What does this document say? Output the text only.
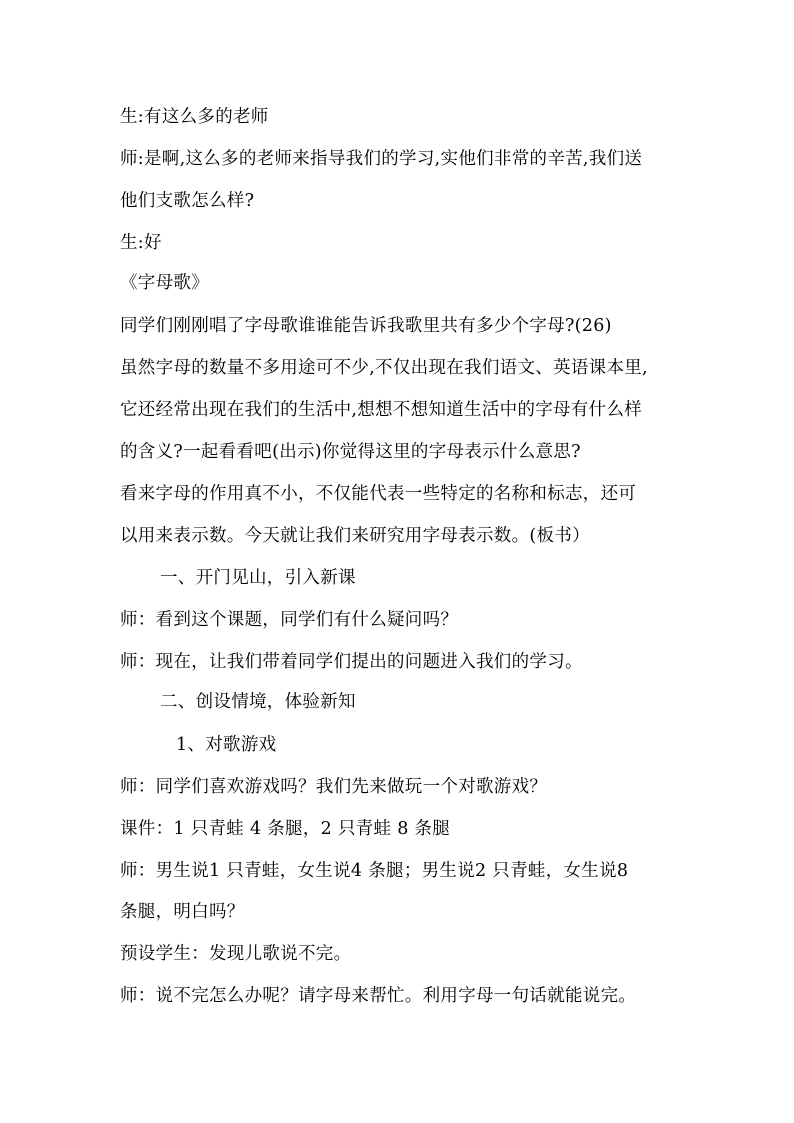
生:有这么多的老师
师:是啊,这么多的老师来指导我们的学习,实他们非常的辛苦,我们送
他们支歌怎么样?
生:好
《字母歌》
同学们刚刚唱了字母歌谁谁能告诉我歌里共有多少个字母?(26)
虽然字母的数量不多用途可不少,不仅出现在我们语文、英语课本里,
它还经常出现在我们的生活中,想想不想知道生活中的字母有什么样
的含义?一起看看吧(出示)你觉得这里的字母表示什么意思?
看来字母的作用真不小，不仅能代表一些特定的名称和标志，还可
以用来表示数。今天就让我们来研究用字母表示数。(板书）
一、开门见山，引入新课
师：看到这个课题，同学们有什么疑问吗？
师：现在，让我们带着同学们提出的问题进入我们的学习。
二、创设情境，体验新知
1、对歌游戏
师：同学们喜欢游戏吗？我们先来做玩一个对歌游戏？
课件：1 只青蛙 4 条腿，2 只青蛙 8 条腿
师：男生说1 只青蛙，女生说4 条腿；男生说2 只青蛙，女生说8
条腿，明白吗？
预设学生：发现儿歌说不完。
师：说不完怎么办呢？请字母来帮忙。利用字母一句话就能说完。
